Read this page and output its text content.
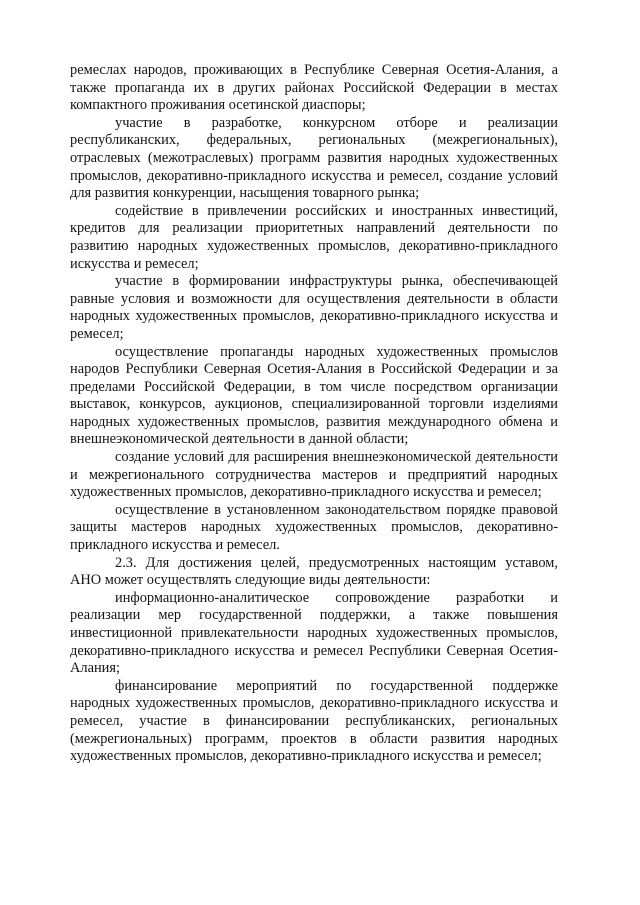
ремеслах народов, проживающих в Республике Северная Осетия-Алания, а также пропаганда их в других районах Российской Федерации в местах компактного проживания осетинской диаспоры;

участие в разработке, конкурсном отборе и реализации республиканских, федеральных, региональных (межрегиональных), отраслевых (межотраслевых) программ развития народных художественных промыслов, декоративно-прикладного искусства и ремесел, создание условий для развития конкуренции, насыщения товарного рынка;

содействие в привлечении российских и иностранных инвестиций, кредитов для реализации приоритетных направлений деятельности по развитию народных художественных промыслов, декоративно-прикладного искусства и ремесел;

участие в формировании инфраструктуры рынка, обеспечивающей равные условия и возможности для осуществления деятельности в области народных художественных промыслов, декоративно-прикладного искусства и ремесел;

осуществление пропаганды народных художественных промыслов народов Республики Северная Осетия-Алания в Российской Федерации и за пределами Российской Федерации, в том числе посредством организации выставок, конкурсов, аукционов, специализированной торговли изделиями народных художественных промыслов, развития международного обмена и внешнеэкономической деятельности в данной области;

создание условий для расширения внешнеэкономической деятельности и межрегионального сотрудничества мастеров и предприятий народных художественных промыслов, декоративно-прикладного искусства и ремесел;

осуществление в установленном законодательством порядке правовой защиты мастеров народных художественных промыслов, декоративно-прикладного искусства и ремесел.

2.3. Для достижения целей, предусмотренных настоящим уставом, АНО может осуществлять следующие виды деятельности:

информационно-аналитическое сопровождение разработки и реализации мер государственной поддержки, а также повышения инвестиционной привлекательности народных художественных промыслов, декоративно-прикладного искусства и ремесел Республики Северная Осетия-Алания;

финансирование мероприятий по государственной поддержке народных художественных промыслов, декоративно-прикладного искусства и ремесел, участие в финансировании республиканских, региональных (межрегиональных) программ, проектов в области развития народных художественных промыслов, декоративно-прикладного искусства и ремесел;
